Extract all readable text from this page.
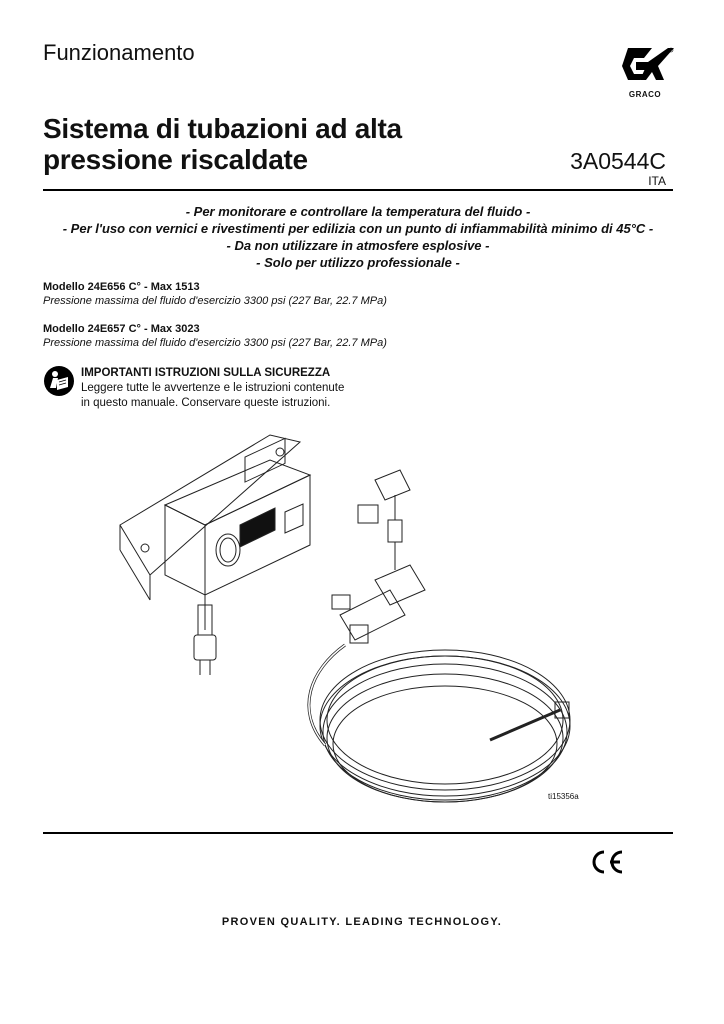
Funzionamento
GRACO
Sistema di tubazioni ad alta
pressione riscaldate	3A0544C
ITA
- Per monitorare e controllare la temperatura del fluido -
- Per l'uso con vernici e rivestimenti per edilizia con un punto di infiammabilità minimo di 45°C -
- Da non utilizzare in atmosfere esplosive -
- Solo per utilizzo professionale -
Modello 24E656 C° - Max 1513
Pressione massima del fluido d'esercizio 3300 psi (227 Bar, 22.7 MPa)
Modello 24E657 C° - Max 3023
Pressione massima del fluido d'esercizio 3300 psi (227 Bar, 22.7 MPa)
IMPORTANTI ISTRUZIONI SULLA SICUREZZA
Leggere tutte le avvertenze e le istruzioni contenute
in questo manuale. Conservare queste istruzioni.
ti15356a
PROVEN QUALITY. LEADING TECHNOLOGY.
